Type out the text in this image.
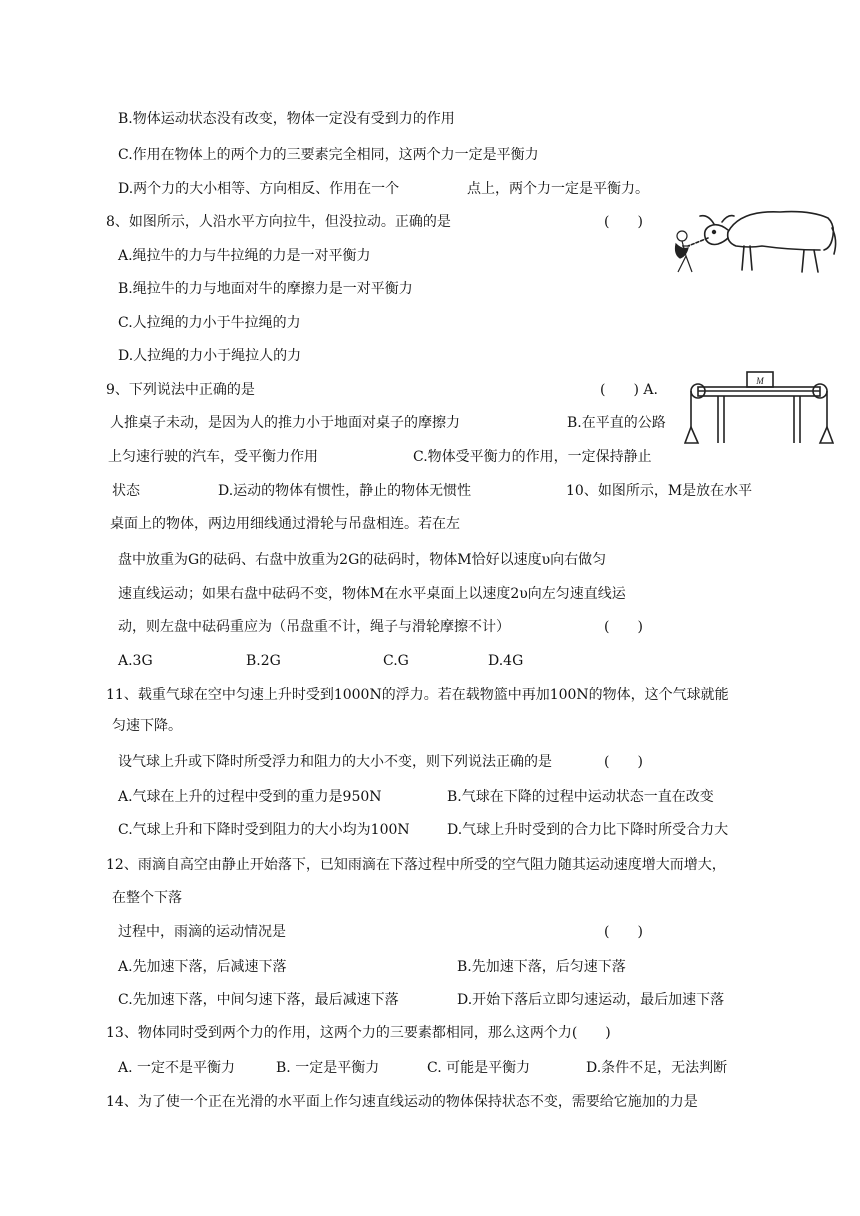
B.物体运动状态没有改变，物体一定没有受到力的作用
C.作用在物体上的两个力的三要素完全相同，这两个力一定是平衡力
D.两个力的大小相等、方向相反、作用在一个	点上，两个力一定是平衡力。
8、如图所示，人沿水平方向拉牛，但没拉动。正确的是	(　　)
A.绳拉牛的力与牛拉绳的力是一对平衡力
B.绳拉牛的力与地面对牛的摩擦力是一对平衡力
C.人拉绳的力小于牛拉绳的力
D.人拉绳的力小于绳拉人的力
9、下列说法中正确的是	(　　) A.
人推桌子未动，是因为人的推力小于地面对桌子的摩擦力	B.在平直的公路
上匀速行驶的汽车，受平衡力作用	C.物体受平衡力的作用，一定保持静止
状态	D.运动的物体有惯性，静止的物体无惯性
M
10、如图所示，M是放在水平
桌面上的物体，两边用细线通过滑轮与吊盘相连。若在左
盘中放重为G的砝码、右盘中放重为2G的砝码时，物体M恰好以速度υ向右做匀
速直线运动；如果右盘中砝码不变，物体M在水平桌面上以速度2υ向左匀速直线运
动，则左盘中砝码重应为（吊盘重不计，绳子与滑轮摩擦不计）	(　　)
A.3G	B.2G	C.G	D.4G
11、载重气球在空中匀速上升时受到1000N的浮力。若在载物篮中再加100N的物体，这个气球就能
匀速下降。
设气球上升或下降时所受浮力和阻力的大小不变，则下列说法正确的是	(　　)
A.气球在上升的过程中受到的重力是950N	B.气球在下降的过程中运动状态一直在改变
C.气球上升和下降时受到阻力的大小均为100N	D.气球上升时受到的合力比下降时所受合力大
12、雨滴自高空由静止开始落下，已知雨滴在下落过程中所受的空气阻力随其运动速度增大而增大，
在整个下落
过程中，雨滴的运动情况是	(　　)
A.先加速下落，后减速下落	B.先加速下落，后匀速下落
C.先加速下落，中间匀速下落，最后减速下落	D.开始下落后立即匀速运动，最后加速下落
13、物体同时受到两个力的作用，这两个力的三要素都相同，那么这两个力(　　)
A. 一定不是平衡力	B. 一定是平衡力	C. 可能是平衡力	D.条件不足，无法判断
14、为了使一个正在光滑的水平面上作匀速直线运动的物体保持状态不变，需要给它施加的力是
